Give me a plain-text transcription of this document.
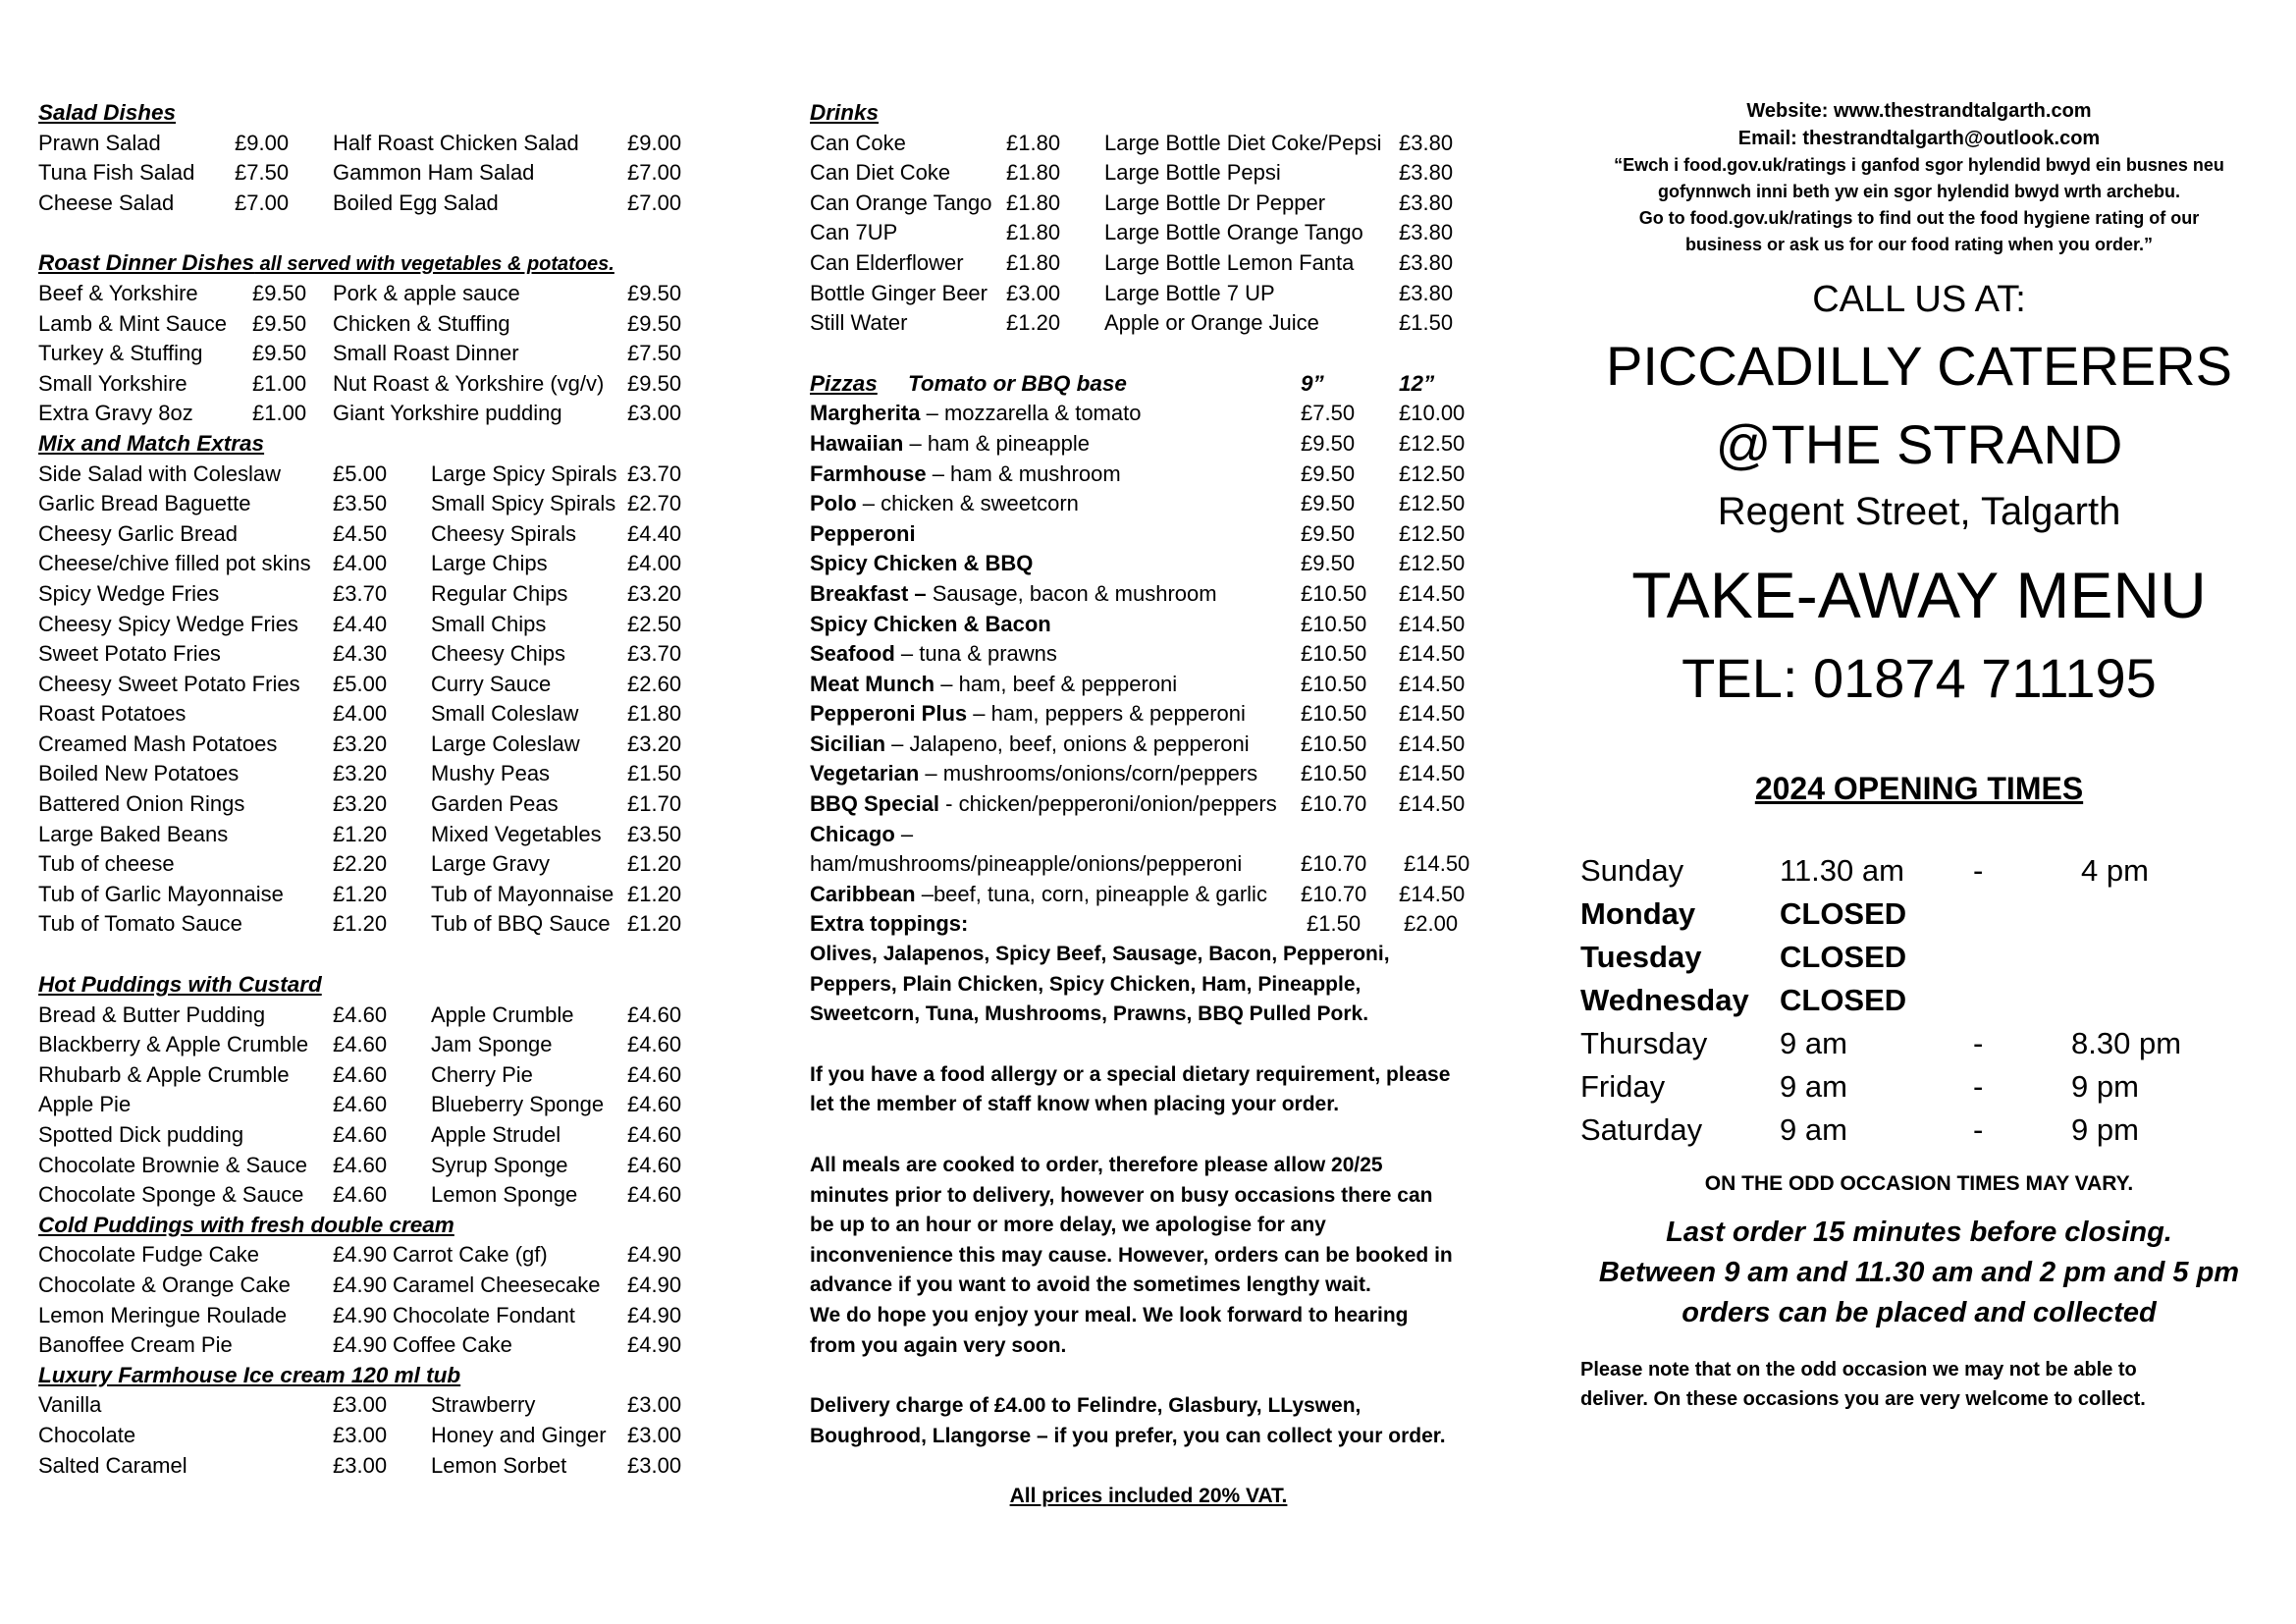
Salad Dishes
Prawn Salad	£9.00 Half Roast Chicken Salad £9.00
Tuna Fish Salad £7.50 Gammon Ham Salad	£7.00
Cheese Salad	£7.00 Boiled Egg Salad	£7.00
Roast Dinner Dishes all served with vegetables & potatoes.
Beef & Yorkshire	£9.50 Pork & apple sauce	£9.50
Lamb & Mint Sauce £9.50 Chicken & Stuffing	£9.50
Turkey & Stuffing £9.50 Small Roast Dinner	£7.50
Small Yorkshire	£1.00 Nut Roast & Yorkshire (vg/v) £9.50
Extra Gravy 8oz	£1.00 Giant Yorkshire pudding	£3.00
Mix and Match Extras
Side Salad with Coleslaw £5.00 Large Spicy Spirals £3.70
Garlic Bread Baguette	£3.50 Small Spicy Spirals £2.70
Cheesy Garlic Bread	£4.50 Cheesy Spirals £4.40
Cheese/chive filled pot skins £4.00 Large Chips	£4.00
Spicy Wedge Fries	£3.70 Regular Chips	£3.20
Cheesy Spicy Wedge Fries £4.40 Small Chips	£2.50
Sweet Potato Fries	£4.30 Cheesy Chips	£3.70
Cheesy Sweet Potato Fries £5.00 Curry Sauce	£2.60
Roast Potatoes	£4.00 Small Coleslaw £1.80
Creamed Mash Potatoes	£3.20 Large Coleslaw £3.20
Boiled New Potatoes	£3.20 Mushy Peas	£1.50
Battered Onion Rings	£3.20 Garden Peas	£1.70
Large Baked Beans	£1.20 Mixed Vegetables £3.50
Tub of cheese	£2.20 Large Gravy	£1.20
Tub of Garlic Mayonnaise £1.20 Tub of Mayonnaise £1.20
Tub of Tomato Sauce	£1.20 Tub of BBQ Sauce £1.20
Hot Puddings with Custard
Bread & Butter Pudding	£4.60 Apple Crumble £4.60
Blackberry & Apple Crumble £4.60 Jam Sponge	£4.60
Rhubarb & Apple Crumble £4.60 Cherry Pie	£4.60
Apple Pie	£4.60 Blueberry Sponge £4.60
Spotted Dick pudding	£4.60 Apple Strudel	£4.60
Chocolate Brownie & Sauce £4.60 Syrup Sponge	£4.60
Chocolate Sponge & Sauce £4.60 Lemon Sponge £4.60
Cold Puddings with fresh double cream
Chocolate Fudge Cake	£4.90 Carrot Cake (gf)	£4.90
Chocolate & Orange Cake £4.90 Caramel Cheesecake £4.90
Lemon Meringue Roulade £4.90 Chocolate Fondant £4.90
Banoffee Cream Pie	£4.90 Coffee Cake	£4.90
Luxury Farmhouse Ice cream 120 ml tub
Vanilla	£3.00 Strawberry	£3.00
Chocolate	£3.00 Honey and Ginger £3.00
Salted Caramel	£3.00 Lemon Sorbet	£3.00
Drinks
Can Coke	£1.80 Large Bottle Diet Coke/Pepsi £3.80
Can Diet Coke	£1.80 Large Bottle Pepsi	£3.80
Can Orange Tango £1.80 Large Bottle Dr Pepper	£3.80
Can 7UP	£1.80 Large Bottle Orange Tango £3.80
Can Elderflower £1.80 Large Bottle Lemon Fanta £3.80
Bottle Ginger Beer £3.00 Large Bottle 7 UP	£3.80
Still Water	£1.20 Apple or Orange Juice	£1.50
Pizzas Tomato or BBQ base	9”	12”
Margherita – mozzarella & tomato	£7.50 £10.00
Hawaiian – ham & pineapple	£9.50 £12.50
Farmhouse – ham & mushroom	£9.50 £12.50
Polo – chicken & sweetcorn	£9.50 £12.50
Pepperoni	£9.50 £12.50
Spicy Chicken & BBQ	£9.50 £12.50
Breakfast – Sausage, bacon & mushroom	£10.50 £14.50
Spicy Chicken & Bacon	£10.50 £14.50
Seafood – tuna & prawns	£10.50 £14.50
Meat Munch – ham, beef & pepperoni	£10.50 £14.50
Pepperoni Plus – ham, peppers & pepperoni	£10.50 £14.50
Sicilian – Jalapeno, beef, onions & pepperoni £10.50 £14.50
Vegetarian – mushrooms/onions/corn/peppers £10.50 £14.50
BBQ Special - chicken/pepperoni/onion/peppers £10.70 £14.50
Chicago –
ham/mushrooms/pineapple/onions/pepperoni	£10.70 £14.50
Caribbean –beef, tuna, corn, pineapple & garlic £10.70 £14.50
Extra toppings:	£1.50 £2.00
Olives, Jalapenos, Spicy Beef, Sausage, Bacon, Pepperoni,
Peppers, Plain Chicken, Spicy Chicken, Ham, Pineapple,
Sweetcorn, Tuna, Mushrooms, Prawns, BBQ Pulled Pork.
If you have a food allergy or a special dietary requirement, please
let the member of staff know when placing your order.
All meals are cooked to order, therefore please allow 20/25
minutes prior to delivery, however on busy occasions there can
be up to an hour or more delay, we apologise for any
inconvenience this may cause. However, orders can be booked in
advance if you want to avoid the sometimes lengthy wait.
We do hope you enjoy your meal. We look forward to hearing
from you again very soon.
Delivery charge of £4.00 to Felindre, Glasbury, LLyswen,
Boughrood, Llangorse – if you prefer, you can collect your order.
All prices included 20% VAT.
Website: www.thestrandtalgarth.com
Email: thestrandtalgarth@outlook.com
“Ewch i food.gov.uk/ratings i ganfod sgor hylendid bwyd ein busnes neu
gofynnwch inni beth yw ein sgor hylendid bwyd wrth archebu.
Go to food.gov.uk/ratings to find out the food hygiene rating of our
business or ask us for our food rating when you order.”
CALL US AT:
PICCADILLY CATERERS
@THE STRAND
Regent Street, Talgarth
TAKE-AWAY MENU
TEL: 01874 711195
2024 OPENING TIMES
Sunday	11.30 am -	4 pm
Monday	CLOSED
Tuesday	CLOSED
Wednesday CLOSED
Thursday 9 am	-	8.30 pm
Friday	9 am	-	9 pm
Saturday	9 am	-	9 pm
ON THE ODD OCCASION TIMES MAY VARY.
Last order 15 minutes before closing.
Between 9 am and 11.30 am and 2 pm and 5 pm
orders can be placed and collected
Please note that on the odd occasion we may not be able to
deliver. On these occasions you are very welcome to collect.
